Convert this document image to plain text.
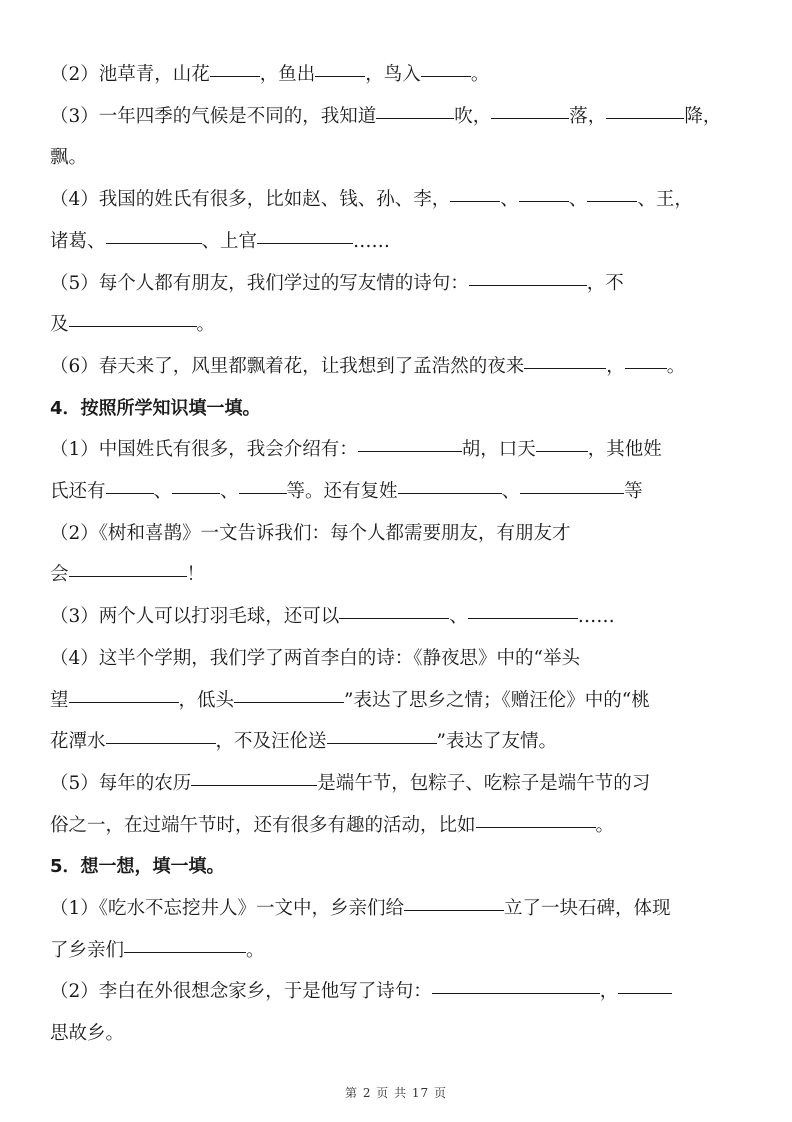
（2）池草青，山花	，鱼出	，鸟入	。
（3）一年四季的气候是不同的，我知道	吹，	落，	降，
飘。
（4）我国的姓氏有很多，比如赵、钱、孙、李，	、	、	、王，
诸葛、	、上官	……
（5）每个人都有朋友，我们学过的写友情的诗句：	，不
及	。
（6）春天来了，风里都飘着花，让我想到了孟浩然的夜来	， 。
4．按照所学知识填一填。
（1）中国姓氏有很多，我会介绍有：	胡，口天	，其他姓
氏还有	、	、	等。还有复姓	、	等
（2）《树和喜鹊》一文告诉我们：每个人都需要朋友，有朋友才
会	！
（3）两个人可以打羽毛球，还可以	、	……
（4）这半个学期，我们学了两首李白的诗：《静夜思》中的“举头
望	，低头	”表达了思乡之情；《赠汪伦》中的“桃
花潭水	，不及汪伦送	”表达了友情。
（5）每年的农历	是端午节，包粽子、吃粽子是端午节的习
俗之一，在过端午节时，还有很多有趣的活动，比如	。
5．想一想，填一填。
（1）《吃水不忘挖井人》一文中，乡亲们给	立了一块石碑，体现
了乡亲们	。
（2）李白在外很想念家乡，于是他写了诗句：	，
思故乡。
第 2 页 共 17 页
